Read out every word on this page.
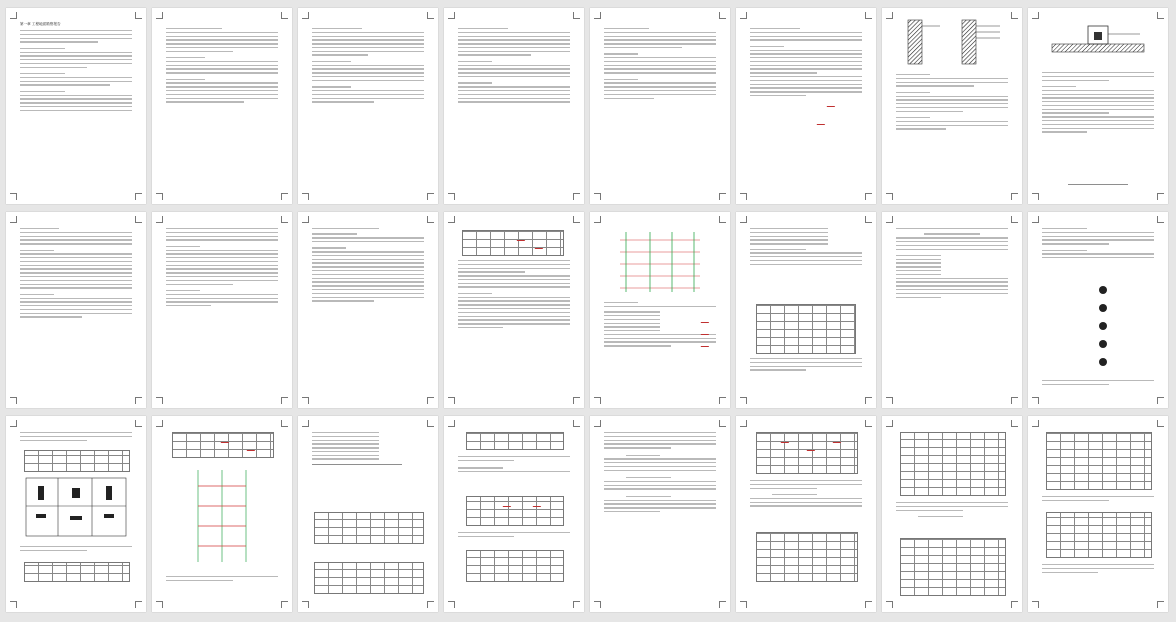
第一章 工程地质勘察报告
